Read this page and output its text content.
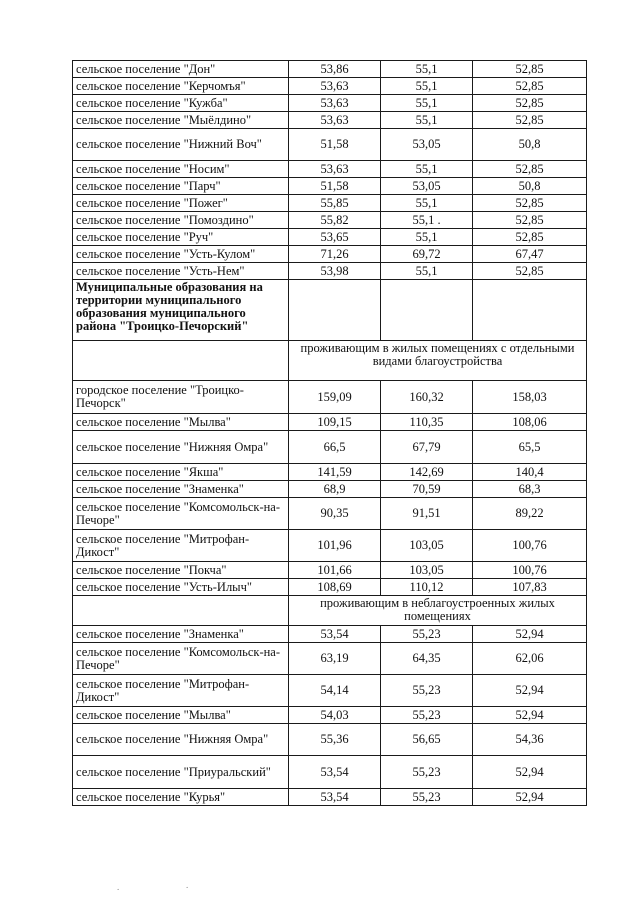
сельское поселение "Дон"	53,86	55,1	52,85
сельское поселение "Керчомъя"	53,63	55,1	52,85
сельское поселение "Кужба"	53,63	55,1	52,85
сельское поселение "Мыёлдино"	53,63	55,1	52,85
сельское поселение "Нижний Воч"	51,58	53,05	50,8
сельское поселение "Носим"	53,63	55,1	52,85
сельское поселение "Парч"	51,58	53,05	50,8
сельское поселение "Пожег"	55,85	55,1	52,85
сельское поселение "Помоздино"	55,82	55,1 .	52,85
сельское поселение "Руч"	53,65	55,1	52,85
сельское поселение "Усть-Кулом"	71,26	69,72	67,47
сельское поселение "Усть-Нем"	53,98	55,1	52,85
Муниципальные образования на территории муниципального образования муниципального района "Троицко-Печорский"			
	проживающим в жилых помещениях с отдельными видами благоустройства		
городское поселение "Троицко-Печорск"	159,09	160,32	158,03
сельское поселение "Мылва"	109,15	110,35	108,06
сельское поселение "Нижняя Омра"	66,5	67,79	65,5
сельское поселение "Якша"	141,59	142,69	140,4
сельское поселение "Знаменка"	68,9	70,59	68,3
сельское поселение "Комсомольск-на-Печоре"	90,35	91,51	89,22
сельское поселение "Митрофан-Дикост"	101,96	103,05	100,76
сельское поселение "Покча"	101,66	103,05	100,76
сельское поселение "Усть-Илыч"	108,69	110,12	107,83
	проживающим в неблагоустроенных жилых помещениях		
сельское поселение "Знаменка"	53,54	55,23	52,94
сельское поселение "Комсомольск-на-Печоре"	63,19	64,35	62,06
сельское поселение "Митрофан-Дикост"	54,14	55,23	52,94
сельское поселение "Мылва"	54,03	55,23	52,94
сельское поселение "Нижняя Омра"	55,36	56,65	54,36
сельское поселение "Приуральский"	53,54	55,23	52,94
сельское поселение "Курья"	53,54	55,23	52,94
.	.
